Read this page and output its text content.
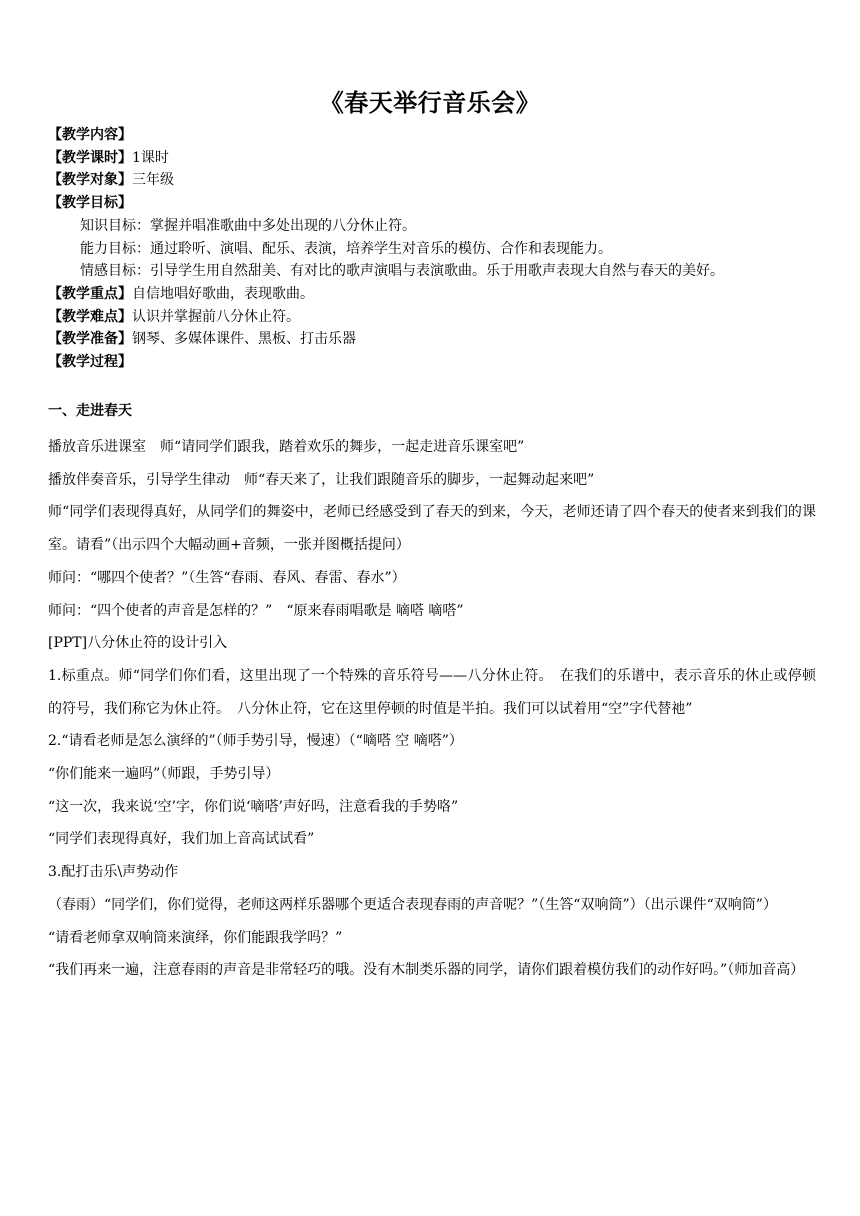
《春天举行音乐会》
【教学内容】
【教学课时】1课时
【教学对象】三年级
【教学目标】
知识目标：掌握并唱准歌曲中多处出现的八分休止符。
能力目标：通过聆听、演唱、配乐、表演，培养学生对音乐的模仿、合作和表现能力。
情感目标：引导学生用自然甜美、有对比的歌声演唱与表演歌曲。乐于用歌声表现大自然与春天的美好。
【教学重点】自信地唱好歌曲，表现歌曲。
【教学难点】认识并掌握前八分休止符。
【教学准备】钢琴、多媒体课件、黑板、打击乐器
【教学过程】
一、走进春天
播放音乐进课室　师“请同学们跟我，踏着欢乐的舞步，一起走进音乐课室吧”
播放伴奏音乐，引导学生律动　师“春天来了，让我们跟随音乐的脚步，一起舞动起来吧”
师“同学们表现得真好，从同学们的舞姿中，老师已经感受到了春天的到来，今天，老师还请了四个春天的使者来到我们的课室。请看”（出示四个大幅动画+音频，一张并图概括提问）
师问：“哪四个使者？”（生答“春雨、春风、春雷、春水”）
师问：“四个使者的声音是怎样的？”　“原来春雨唱歌是 嘀嗒 嘀嗒”
[PPT]八分休止符的设计引入
1.标重点。师“同学们你们看，这里出现了一个特殊的音乐符号——八分休止符。　在我们的乐谱中，表示音乐的休止或停顿的符号，我们称它为休止符。　八分休止符，它在这里停顿的时值是半拍。我们可以试着用“空”字代替祂”
2.“请看老师是怎么演绎的”（师手势引导，慢速）（“嘀嗒 空 嘀嗒”）
“你们能来一遍吗”（师跟，手势引导）
“这一次，我来说‘空’字，你们说‘嘀嗒’声好吗，注意看我的手势咯”
“同学们表现得真好，我们加上音高试试看”
3.配打击乐\声势动作
（春雨）“同学们，你们觉得，老师这两样乐器哪个更适合表现春雨的声音呢？”（生答“双响筒”）（出示课件“双响筒”）
“请看老师拿双响筒来演绎，你们能跟我学吗？”
“我们再来一遍，注意春雨的声音是非常轻巧的哦。没有木制类乐器的同学，请你们跟着模仿我们的动作好吗。”（师加音高）
